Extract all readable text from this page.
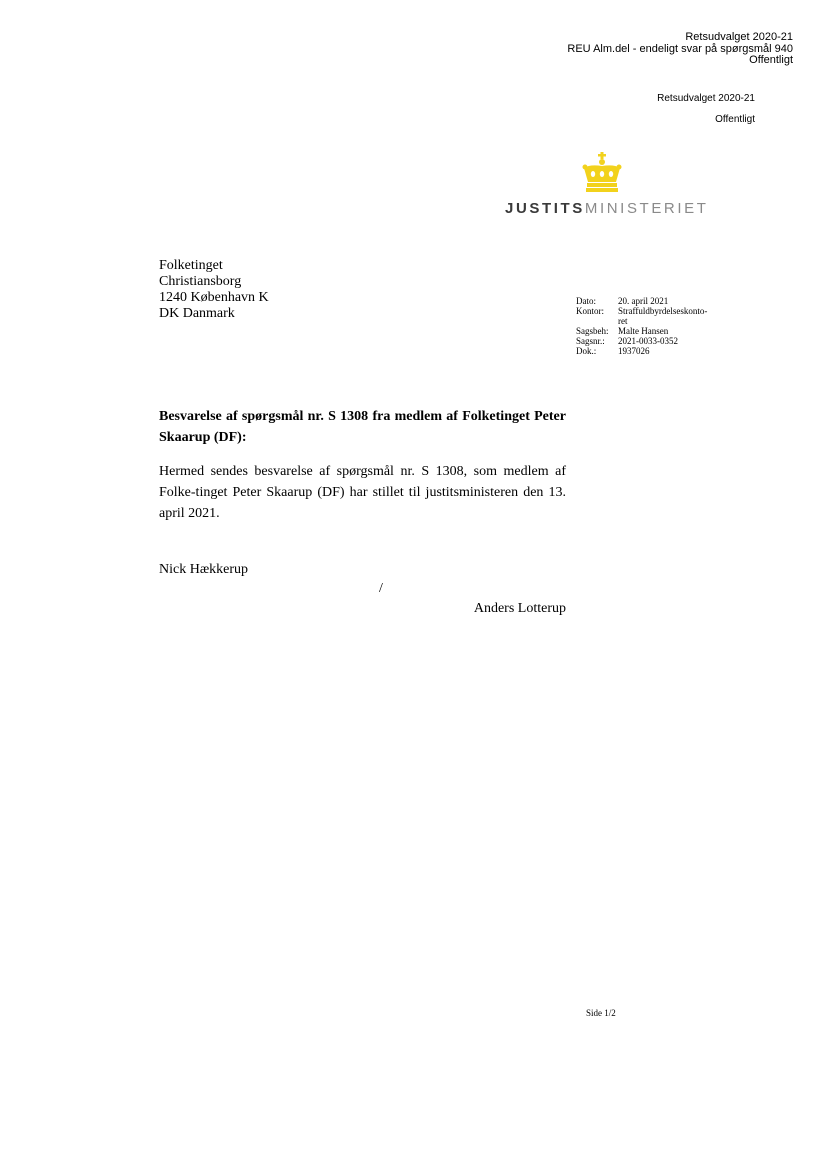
Retsudvalget 2020-21
REU Alm.del - endeligt svar på spørgsmål 940
Offentligt
Retsudvalget 2020-21
Offentligt
JUSTITSMINISTERIET
Folketinget
Christiansborg
1240 København K
DK Danmark
Dato:	20. april 2021
Kontor:	Straffuldbyrdelseskonto-
ret
Sagsbeh:	Malte Hansen
Sagsnr.:	2021-0033-0352
Dok.:	1937026
Besvarelse af spørgsmål nr. S 1308 fra medlem af Folketinget Peter Skaarup (DF):
Hermed sendes besvarelse af spørgsmål nr. S 1308, som medlem af Folke-tinget Peter Skaarup (DF) har stillet til justitsministeren den 13. april 2021.
Nick Hækkerup
/
Anders Lotterup
Side 1/2
